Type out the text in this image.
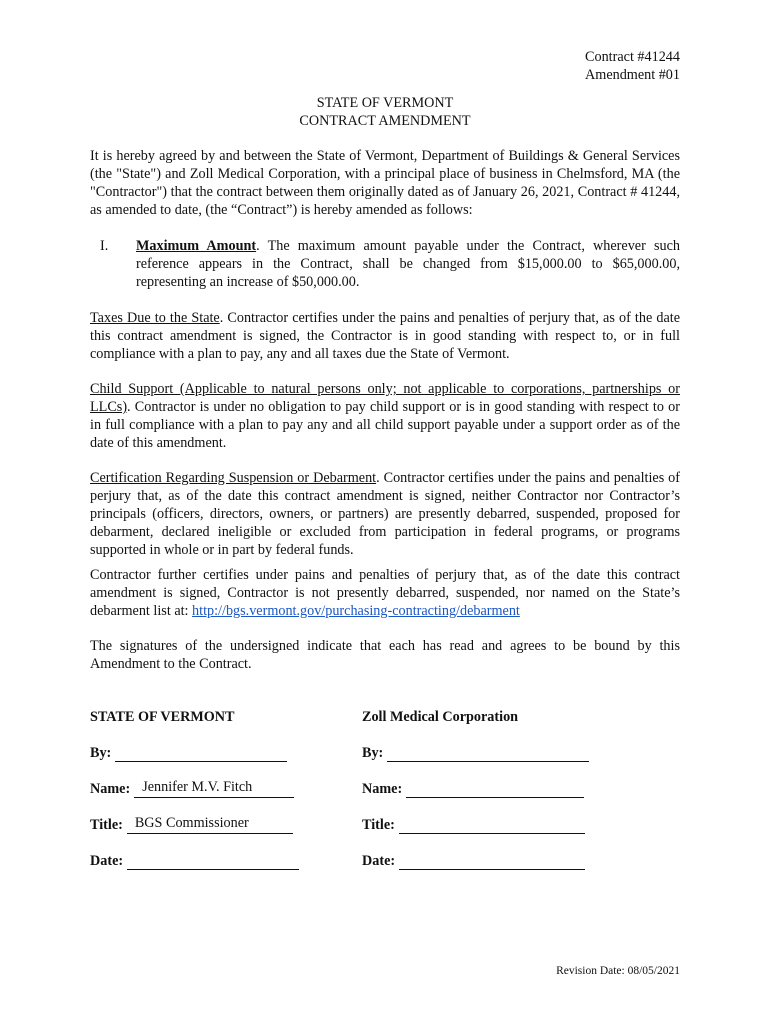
Contract #41244
Amendment #01
STATE OF VERMONT
CONTRACT AMENDMENT

It is hereby agreed by and between the State of Vermont, Department of Buildings & General Services (the "State") and Zoll Medical Corporation, with a principal place of business in Chelmsford, MA (the "Contractor") that the contract between them originally dated as of January 26, 2021, Contract # 41244, as amended to date, (the “Contract”) is hereby amended as follows:

I. Maximum Amount. The maximum amount payable under the Contract, wherever such reference appears in the Contract, shall be changed from $15,000.00 to $65,000.00, representing an increase of $50,000.00.

Taxes Due to the State. Contractor certifies under the pains and penalties of perjury that, as of the date this contract amendment is signed, the Contractor is in good standing with respect to, or in full compliance with a plan to pay, any and all taxes due the State of Vermont.

Child Support (Applicable to natural persons only; not applicable to corporations, partnerships or LLCs). Contractor is under no obligation to pay child support or is in good standing with respect to or in full compliance with a plan to pay any and all child support payable under a support order as of the date of this amendment.

Certification Regarding Suspension or Debarment. Contractor certifies under the pains and penalties of perjury that, as of the date this contract amendment is signed, neither Contractor nor Contractor’s principals (officers, directors, owners, or partners) are presently debarred, suspended, proposed for debarment, declared ineligible or excluded from participation in federal programs, or programs supported in whole or in part by federal funds.

Contractor further certifies under pains and penalties of perjury that, as of the date this contract amendment is signed, Contractor is not presently debarred, suspended, nor named on the State’s debarment list at: http://bgs.vermont.gov/purchasing-contracting/debarment

The signatures of the undersigned indicate that each has read and agrees to be bound by this Amendment to the Contract.

STATE OF VERMONT
By:
Name: Jennifer M.V. Fitch
Title: BGS Commissioner
Date:
Zoll Medical Corporation
By:
Name:
Title:
Date:
Revision Date: 08/05/2021
